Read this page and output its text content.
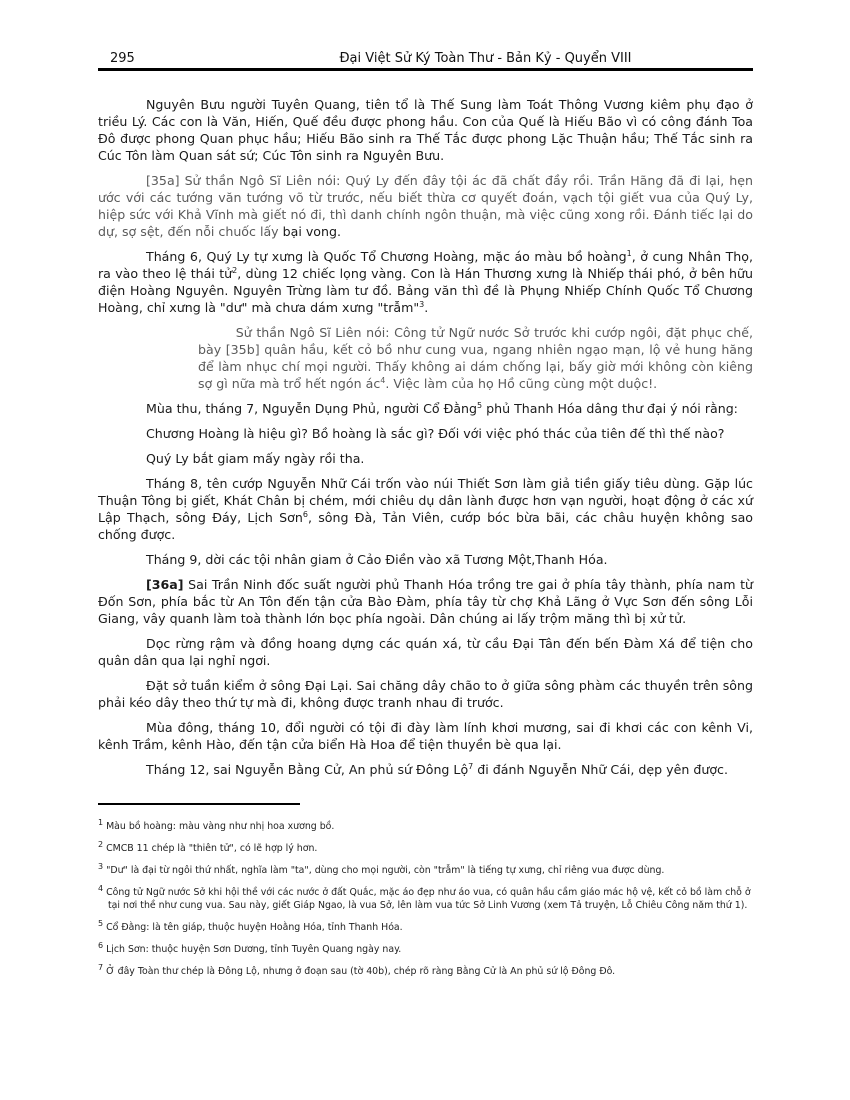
295	Đại Việt Sử Ký Toàn Thư - Bản Kỷ - Quyển VIII

Nguyên Bưu người Tuyên Quang, tiên tổ là Thế Sung làm Toát Thông Vương kiêm phụ đạo ở triều Lý. Các con là Văn, Hiến, Quế đều được phong hầu. Con của Quế là Hiếu Bão vì có công đánh Toa Đô được phong Quan phục hầu; Hiếu Bão sinh ra Thế Tắc được phong Lặc Thuận hầu; Thế Tắc sinh ra Cúc Tôn làm Quan sát sứ; Cúc Tôn sinh ra Nguyên Bưu.

[35a] Sử thần Ngô Sĩ Liên nói: Quý Ly đến đây tội ác đã chất đầy rồi. Trần Hãng đã đi lại, hẹn ước với các tướng văn tướng võ từ trước, nếu biết thừa cơ quyết đoán, vạch tội giết vua của Quý Ly, hiệp sức với Khả Vĩnh mà giết nó đi, thì danh chính ngôn thuận, mà việc cũng xong rồi. Đánh tiếc lại do dự, sợ sệt, đến nỗi chuốc lấy bại vong.

Tháng 6, Quý Ly tự xưng là Quốc Tổ Chương Hoàng, mặc áo màu bồ hoàng$^1$, ở cung Nhân Thọ, ra vào theo lệ thái tử$^2$, dùng 12 chiếc lọng vàng. Con là Hán Thương xưng là Nhiếp thái phó, ở bên hữu điện Hoàng Nguyên. Nguyên Trừng làm tư đồ. Bảng văn thì đề là Phụng Nhiếp Chính Quốc Tổ Chương Hoàng, chỉ xưng là "dư" mà chưa dám xưng "trẫm"$^3$.

   Sử thần Ngô Sĩ Liên nói: Công tử Ngữ nước Sở trước khi cướp ngôi, đặt phục chế, bày [35b] quân hầu, kết cỏ bồ như cung vua, ngang nhiên ngạo mạn, lộ vẻ hung hăng để làm nhục chí mọi người. Thấy không ai dám chống lại, bấy giờ mới không còn kiêng sợ gì nữa mà trổ hết ngón $ác^4$. Việc làm của họ Hồ cũng cùng một duộc!.

Mùa thu, tháng 7, Nguyễn Dụng Phủ, người Cổ Đằng$^5$ phủ Thanh Hóa dâng thư đại ý nói rằng:

Chương Hoàng là hiệu gì? Bồ hoàng là sắc gì? Đối với việc phó thác của tiên đế thì thế nào?

Quý Ly bắt giam mấy ngày rồi tha.

Tháng 8, tên cướp Nguyễn Nhữ Cái trốn vào núi Thiết Sơn làm giả tiền giấy tiêu dùng. Gặp lúc Thuận Tông bị giết, Khát Chân bị chém, mới chiêu dụ dân lành được hơn vạn người, hoạt động ở các xứ Lập Thạch, sông Đáy, Lịch Sơn$^6$, sông Đà, Tản Viên, cướp bóc bừa bãi, các châu huyện không sao chống được.

Tháng 9, dời các tội nhân giam ở Cảo Điền vào xã Tương Một,Thanh Hóa.

[36a] Sai Trần Ninh đốc suất người phủ Thanh Hóa trồng tre gai ở phía tây thành, phía nam từ Đốn Sơn, phía bắc từ An Tôn đến tận cửa Bào Đàm, phía tây từ chợ Khả Lãng ở Vực Sơn đến sông Lỗi Giang, vây quanh làm toà thành lớn bọc phía ngoài. Dân chúng ai lấy trộm măng thì bị xử tử.

Dọc rừng rậm và đồng hoang dựng các quán xá, từ cầu Đại Tân đến bến Đàm Xá để tiện cho quân dân qua lại nghỉ ngơi.

Đặt sở tuần kiểm ở sông Đại Lại. Sai chăng dây chão to ở giữa sông phàm các thuyền trên sông phải kéo dây theo thứ tự mà đi, không được tranh nhau đi trước.

Mùa đông, tháng 10, đổi người có tội đi đày làm lính khơi mương, sai đi khơi các con kênh Vi, kênh Trầm, kênh Hào, đến tận cửa biển Hà Hoa để tiện thuyền bè qua lại.

Tháng 12, sai Nguyễn Bằng Cử, An phủ sứ Đông Lộ$^7$ đi đánh Nguyễn Nhữ Cái, dẹp yên được.

$^1$ Màu bồ hoàng: màu vàng như nhị hoa xương bồ.

$^2$ CMCB 11 chép là "thiên tử", có lẽ hợp lý hơn.

$^3$ "Dư" là đại từ ngôi thứ nhất, nghĩa làm "ta", dùng cho mọi người, còn "trẫm" là tiếng tự xưng, chỉ riêng vua được dùng.

$^4$ Công tử Ngữ nước Sở khi hội thề với các nước ở đất Quắc, mặc áo đẹp như áo vua, có quân hầu cầm giáo mác hộ vệ, kết cỏ bồ làm chỗ ở tại nơi thề như cung vua. Sau này, giết Giáp Ngao, là vua Sở, lên làm vua tức Sở Linh Vương (xem Tả truyện, Lỗ Chiêu Công năm thứ 1).

$^5$ Cổ Đằng: là tên giáp, thuộc huyện Hoằng Hóa, tỉnh Thanh Hóa.

$^6$ Lịch Sơn: thuộc huyện Sơn Dương, tỉnh Tuyên Quang ngày nay.

$^7$ Ở đây Toàn thư chép là Đông Lộ, nhưng ở đoạn sau (tờ 40b), chép rõ ràng Bằng Cử là An phủ sứ lộ Đông Đô.
